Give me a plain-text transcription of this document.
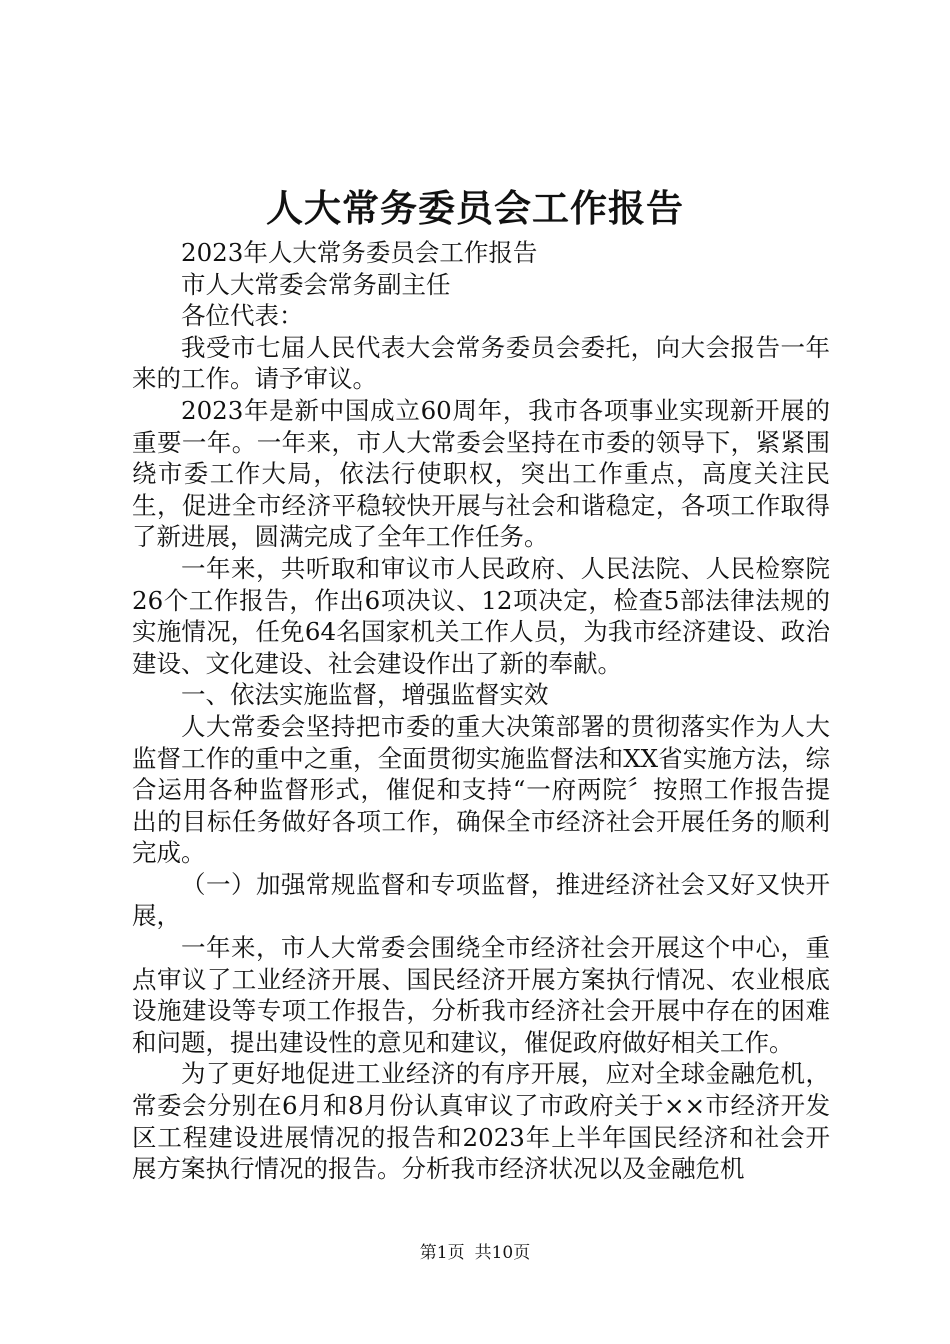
人大常务委员会工作报告

2023年人大常务委员会工作报告

市人大常委会常务副主任

各位代表：

我受市七届人民代表大会常务委员会委托，向大会报告一年来的工作。请予审议。

2023年是新中国成立60周年，我市各项事业实现新开展的重要一年。一年来，市人大常委会坚持在市委的领导下，紧紧围绕市委工作大局，依法行使职权，突出工作重点，高度关注民生，促进全市经济平稳较快开展与社会和谐稳定，各项工作取得了新进展，圆满完成了全年工作任务。

一年来，共听取和审议市人民政府、人民法院、人民检察院26个工作报告，作出6项决议、12项决定，检查5部法律法规的实施情况，任免64名国家机关工作人员，为我市经济建设、政治建设、文化建设、社会建设作出了新的奉献。

一、依法实施监督，增强监督实效

人大常委会坚持把市委的重大决策部署的贯彻落实作为人大监督工作的重中之重，全面贯彻实施监督法和XX省实施方法，综合运用各种监督形式，催促和支持“一府两院〞按照工作报告提出的目标任务做好各项工作，确保全市经济社会开展任务的顺利完成。

（一）加强常规监督和专项监督，推进经济社会又好又快开展，

一年来，市人大常委会围绕全市经济社会开展这个中心，重点审议了工业经济开展、国民经济开展方案执行情况、农业根底设施建设等专项工作报告，分析我市经济社会开展中存在的困难和问题，提出建设性的意见和建议，催促政府做好相关工作。

为了更好地促进工业经济的有序开展，应对全球金融危机，常委会分别在6月和8月份认真审议了市政府关于××市经济开发区工程建设进展情况的报告和2023年上半年国民经济和社会开展方案执行情况的报告。分析我市经济状况以及金融危机

第1页 共10页
